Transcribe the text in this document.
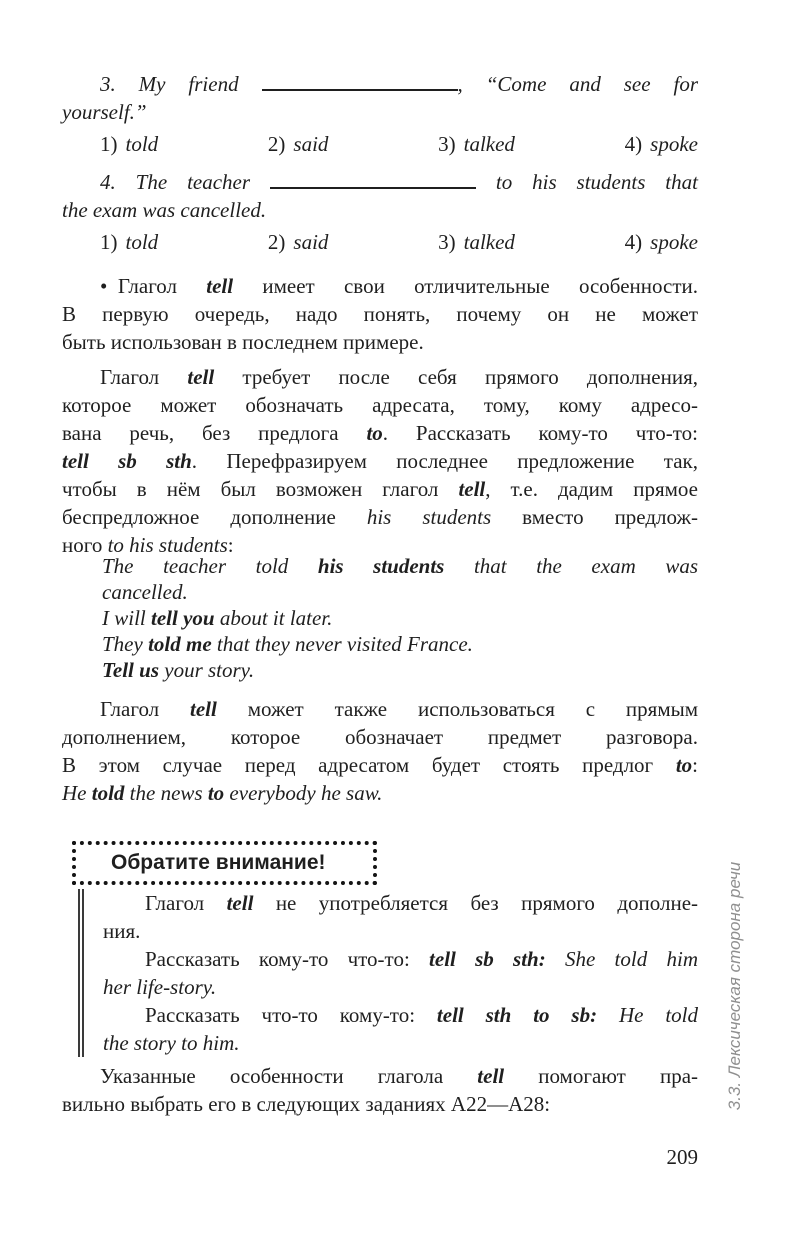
3. My friend	, “Come and see for
yourself.”
1) told	2) said	3) talked	4) spoke
4. The teacher	to his students that
the exam was cancelled.
1) told	2) said	3) talked	4) spoke
• Глагол tell имеет свои отличительные особенности.
В первую очередь, надо понять, почему он не может
быть использован в последнем примере.
Глагол tell требует после себя прямого дополнения,
которое может обозначать адресата, тому, кому адресо-
вана речь, без предлога to. Рассказать кому-то что-то:
tell sb sth. Перефразируем последнее предложение так,
чтобы в нём был возможен глагол tell, т.е. дадим прямое
беспредложное дополнение his students вместо предлож-
ного to his students:
The teacher told his students that the exam was
cancelled.
I will tell you about it later.
They told me that they never visited France.
Tell us your story.
Глагол tell может также использоваться с прямым
дополнением, которое обозначает предмет разговора.
В этом случае перед адресатом будет стоять предлог to:
He told the news to everybody he saw.
Обратите внимание!
Глагол tell не употребляется без прямого дополне-
ния.
Рассказать кому-то что-то: tell sb sth: She told him
her life-story.
Рассказать что-то кому-то: tell sth to sb: He told
the story to him.
Указанные особенности глагола tell помогают пра-
вильно выбрать его в следующих заданиях А22—А28:
209
3.3. Лексическая сторона речи
